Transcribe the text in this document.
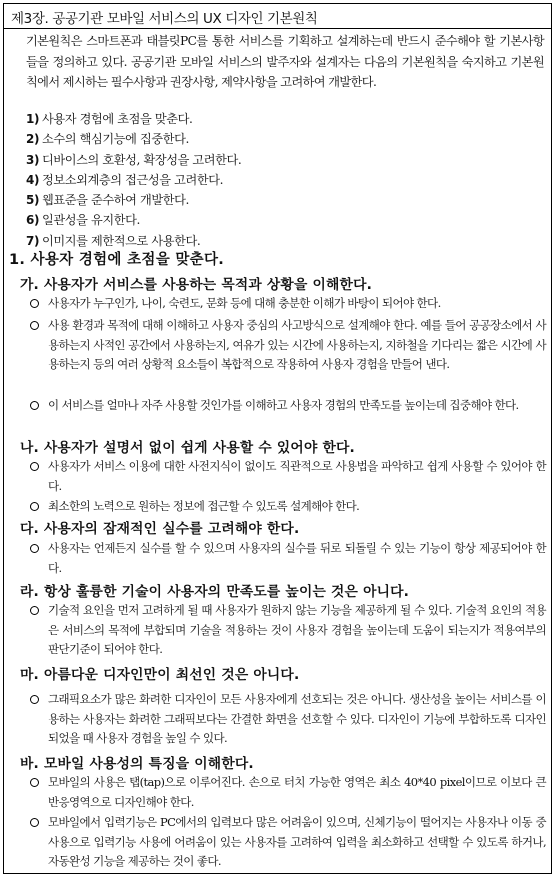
제3장. 공공기관 모바일 서비스의 UX 디자인 기본원칙

기본원칙은 스마트폰과 태블릿PC를 통한 서비스를 기획하고 설계하는데 반드시 준수해야 할 기본사항들을 정의하고 있다. 공공기관 모바일 서비스의 발주자와 설계자는 다음의 기본원칙을 숙지하고 기본원칙에서 제시하는 필수사항과 권장사항, 제약사항을 고려하여 개발한다.

1) 사용자 경험에 초점을 맞춘다.
2) 소수의 핵심기능에 집중한다.
3) 디바이스의 호환성, 확장성을 고려한다.
4) 정보소외계층의 접근성을 고려한다.
5) 웹표준을 준수하여 개발한다.
6) 일관성을 유지한다.
7) 이미지를 제한적으로 사용한다.
1. 사용자 경험에 초점을 맞춘다.
가. 사용자가 서비스를 사용하는 목적과 상황을 이해한다.
사용자가 누구인가, 나이, 숙련도, 문화 등에 대해 충분한 이해가 바탕이 되어야 한다.
사용 환경과 목적에 대해 이해하고 사용자 중심의 사고방식으로 설계해야 한다. 예를 들어 공공장소에서 사용하는지 사적인 공간에서 사용하는지, 여유가 있는 시간에 사용하는지, 지하철을 기다리는 짧은 시간에 사용하는지 등의 여러 상황적 요소들이 복합적으로 작용하여 사용자 경험을 만들어 낸다.
이 서비스를 얼마나 자주 사용할 것인가를 이해하고 사용자 경험의 만족도를 높이는데 집중해야 한다.
나. 사용자가 설명서 없이 쉽게 사용할 수 있어야 한다.
사용자가 서비스 이용에 대한 사전지식이 없이도 직관적으로 사용법을 파악하고 쉽게 사용할 수 있어야 한다.
최소한의 노력으로 원하는 정보에 접근할 수 있도록 설계해야 한다.
다. 사용자의 잠재적인 실수를 고려해야 한다.
사용자는 언제든지 실수를 할 수 있으며 사용자의 실수를 뒤로 되돌릴 수 있는 기능이 항상 제공되어야 한다.
라. 항상 훌륭한 기술이 사용자의 만족도를 높이는 것은 아니다.
기술적 요인을 먼저 고려하게 될 때 사용자가 원하지 않는 기능을 제공하게 될 수 있다. 기술적 요인의 적용은 서비스의 목적에 부합되며 기술을 적용하는 것이 사용자 경험을 높이는데 도움이 되는지가 적용여부의 판단기준이 되어야 한다.
마. 아름다운 디자인만이 최선인 것은 아니다.
그래픽요소가 많은 화려한 디자인이 모든 사용자에게 선호되는 것은 아니다. 생산성을 높이는 서비스를 이용하는 사용자는 화려한 그래픽보다는 간결한 화면을 선호할 수 있다. 디자인이 기능에 부합하도록 디자인 되었을 때 사용자 경험을 높일 수 있다.
바. 모바일 사용성의 특징을 이해한다.
모바일의 사용은 탭(tap)으로 이루어진다. 손으로 터치 가능한 영역은 최소 40*40 pixel이므로 이보다 큰 반응영역으로 디자인해야 한다.
모바일에서 입력기능은 PC에서의 입력보다 많은 어려움이 있으며, 신체기능이 떨어지는 사용자나 이동 중 사용으로 입력기능 사용에 어려움이 있는 사용자를 고려하여 입력을 최소화하고 선택할 수 있도록 하거나, 자동완성 기능을 제공하는 것이 좋다.
